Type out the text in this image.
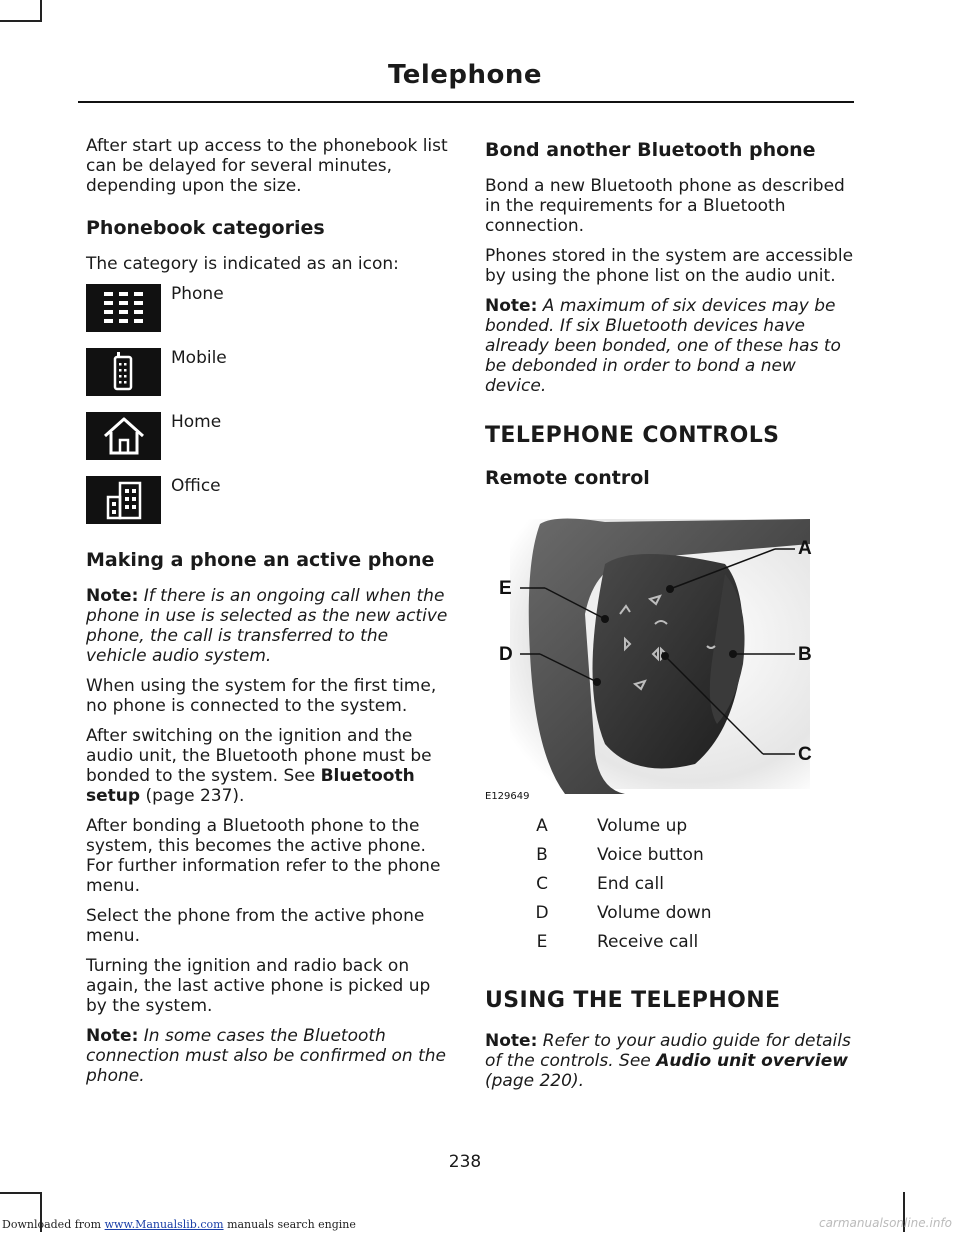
Telephone

After start up access to the phonebook list can be delayed for several minutes, depending upon the size.

Phonebook categories

The category is indicated as an icon:

Phone
Mobile
Home
Office
Making a phone an active phone

Note: If there is an ongoing call when the phone in use is selected as the new active phone, the call is transferred to the vehicle audio system.

When using the system for the first time, no phone is connected to the system.

After switching on the ignition and the audio unit, the Bluetooth phone must be bonded to the system. See Bluetooth setup (page 237).

After bonding a Bluetooth phone to the system, this becomes the active phone. For further information refer to the phone menu.

Select the phone from the active phone menu.

Turning the ignition and radio back on again, the last active phone is picked up by the system.

Note: In some cases the Bluetooth connection must also be confirmed on the phone.

Bond another Bluetooth phone

Bond a new Bluetooth phone as described in the requirements for a Bluetooth connection.

Phones stored in the system are accessible by using the phone list on the audio unit.

Note: A maximum of six devices may be bonded. If six Bluetooth devices have already been bonded, one of these has to be debonded in order to bond a new device.

TELEPHONE CONTROLS
Remote control
A
B
C
D
E
E129649
A	Volume up
B	Voice button
C	End call
D	Volume down
E	Receive call
USING THE TELEPHONE

Note: Refer to your audio guide for details of the controls. See Audio unit overview (page 220).

238
Downloaded from www.Manualslib.com manuals search engine	carmanualsonline.info
